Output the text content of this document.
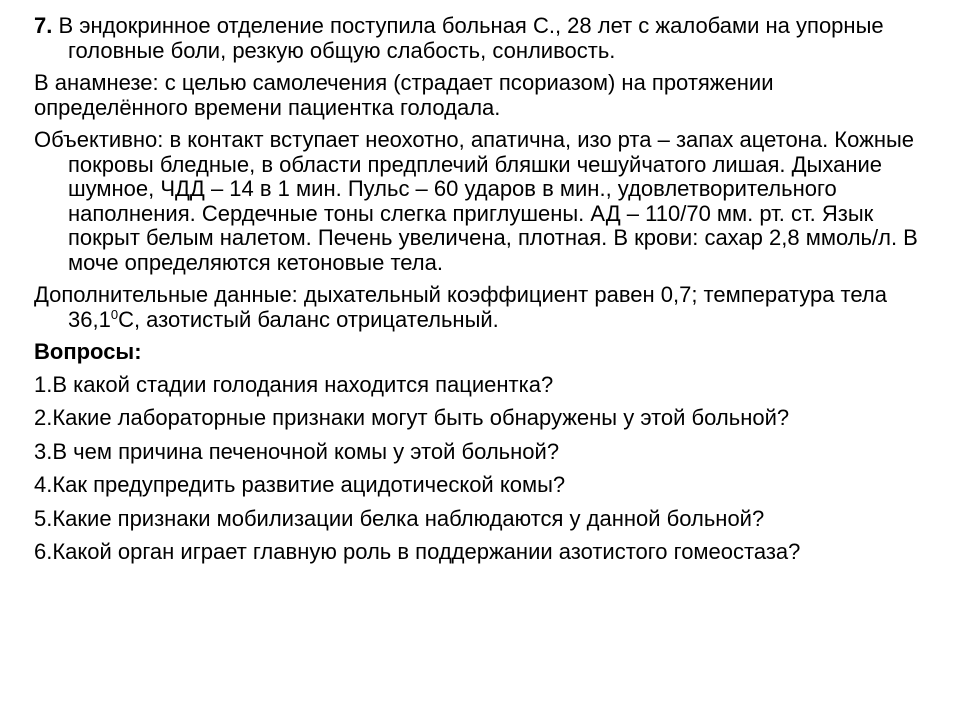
7. В эндокринное отделение поступила больная С., 28 лет с жалобами на упорные головные боли, резкую общую слабость, сонливость.

В анамнезе: с целью самолечения (страдает псориазом) на протяжении определённого времени пациентка голодала.

Объективно: в контакт вступает неохотно, апатична, изо рта – запах ацетона. Кожные покровы бледные, в области предплечий бляшки чешуйчатого лишая. Дыхание шумное, ЧДД – 14 в 1 мин. Пульс – 60 ударов в мин., удовлетворительного наполнения. Сердечные тоны слегка приглушены. АД – 110/70 мм. рт. ст. Язык покрыт белым налетом. Печень увеличена, плотная. В крови: сахар 2,8 ммоль/л. В моче определяются кетоновые тела.

Дополнительные данные: дыхательный коэффициент равен 0,7; температура тела 36,1$^0$С, азотистый баланс отрицательный.

Вопросы:

1.В какой стадии голодания находится пациентка?

2.Какие лабораторные признаки могут быть обнаружены у этой больной?

3.В чем причина печеночной комы у этой больной?

4.Как предупредить развитие ацидотической комы?

5.Какие признаки мобилизации белка наблюдаются у данной больной?

6.Какой орган играет главную роль в поддержании азотистого гомеостаза?
